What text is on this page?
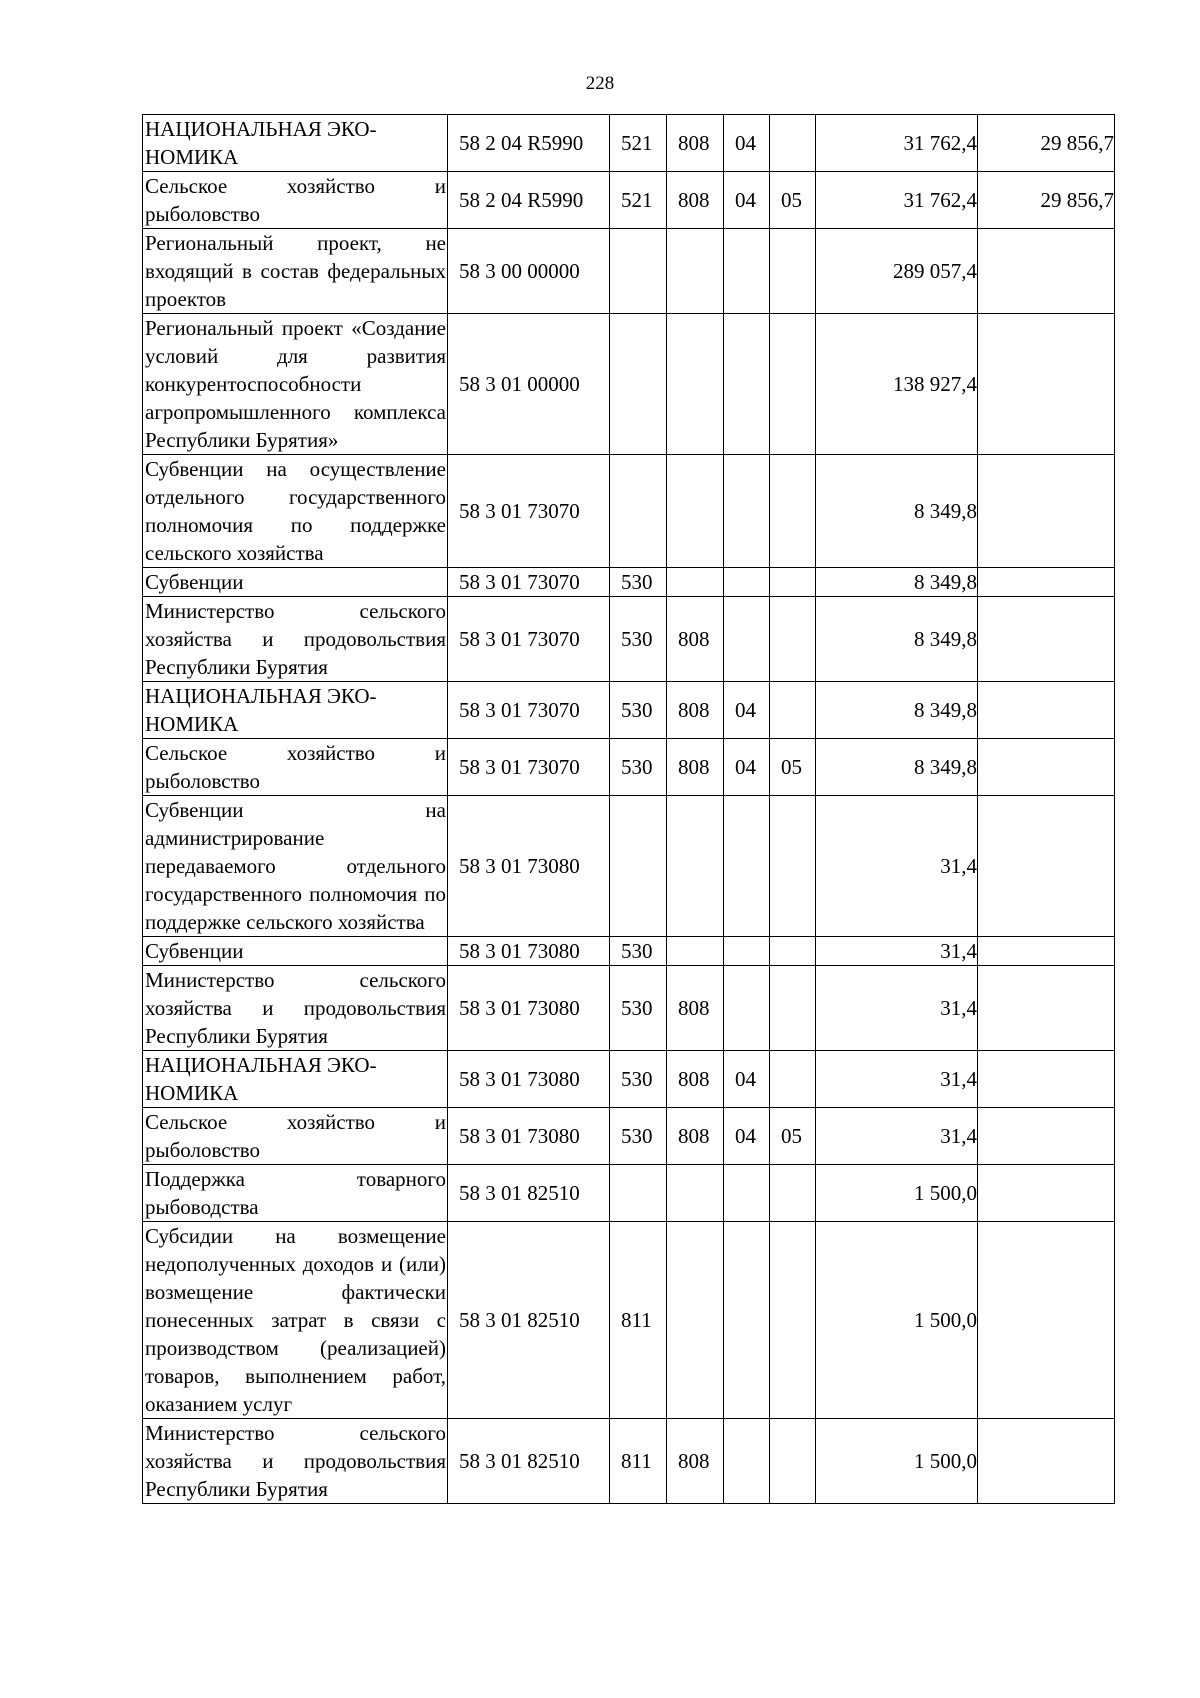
228
НАЦИОНАЛЬНАЯ ЭКО-
НОМИКА	58 2 04 R5990	521	808	04		31 762,4	29 856,7
Сельское хозяйство и рыболовство	58 2 04 R5990	521	808	04	05	31 762,4	29 856,7
Региональный проект, не входящий в состав федеральных проектов	58 3 00 00000					289 057,4	
Региональный проект «Создание условий для развития конкурентоспособности агропромышленного комплекса Республики Бурятия»	58 3 01 00000					138 927,4	
Субвенции на осуществление отдельного государственного полномочия по поддержке сельского хозяйства	58 3 01 73070					8 349,8	
Субвенции	58 3 01 73070	530				8 349,8	
Министерство сельского хозяйства и продовольствия Республики Бурятия	58 3 01 73070	530	808			8 349,8	
НАЦИОНАЛЬНАЯ ЭКО-
НОМИКА	58 3 01 73070	530	808	04		8 349,8	
Сельское хозяйство и рыболовство	58 3 01 73070	530	808	04	05	8 349,8	
Субвенции на администрирование передаваемого отдельного государственного полномочия по поддержке сельского хозяйства	58 3 01 73080					31,4	
Субвенции	58 3 01 73080	530				31,4	
Министерство сельского хозяйства и продовольствия Республики Бурятия	58 3 01 73080	530	808			31,4	
НАЦИОНАЛЬНАЯ ЭКО-
НОМИКА	58 3 01 73080	530	808	04		31,4	
Сельское хозяйство и рыболовство	58 3 01 73080	530	808	04	05	31,4	
Поддержка товарного рыбоводства	58 3 01 82510					1 500,0	
Субсидии на возмещение недополученных доходов и (или) возмещение фактически понесенных затрат в связи с производством (реализацией) товаров, выполнением работ, оказанием услуг	58 3 01 82510	811				1 500,0	
Министерство сельского хозяйства и продовольствия Республики Бурятия	58 3 01 82510	811	808			1 500,0	
